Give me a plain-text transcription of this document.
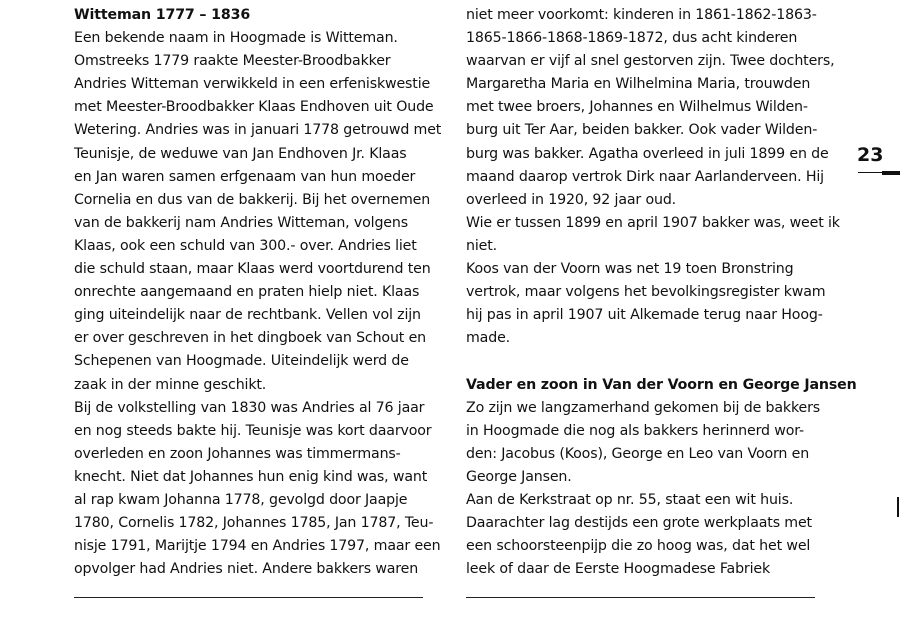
Witteman 1777 – 1836
Een bekende naam in Hoogmade is Witteman.
Omstreeks 1779 raakte Meester-Broodbakker
Andries Witteman verwikkeld in een erfeniskwestie
met Meester-Broodbakker Klaas Endhoven uit Oude
Wetering. Andries was in januari 1778 getrouwd met
Teunisje, de weduwe van Jan Endhoven Jr. Klaas
en Jan waren samen erfgenaam van hun moeder
Cornelia en dus van de bakkerij. Bij het overnemen
van de bakkerij nam Andries Witteman, volgens
Klaas, ook een schuld van 300.- over. Andries liet
die schuld staan, maar Klaas werd voortdurend ten
onrechte aangemaand en praten hielp niet. Klaas
ging uiteindelijk naar de rechtbank. Vellen vol zijn
er over geschreven in het dingboek van Schout en
Schepenen van Hoogmade. Uiteindelijk werd de
zaak in der minne geschikt.
Bij de volkstelling van 1830 was Andries al 76 jaar
en nog steeds bakte hij. Teunisje was kort daarvoor
overleden en zoon Johannes was timmermans-
knecht. Niet dat Johannes hun enig kind was, want
al rap kwam Johanna 1778, gevolgd door Jaapje
1780, Cornelis 1782, Johannes 1785, Jan 1787, Teu-
nisje 1791, Marijtje 1794 en Andries 1797, maar een
opvolger had Andries niet. Andere bakkers waren
niet meer voorkomt: kinderen in 1861-1862-1863-
1865-1866-1868-1869-1872, dus acht kinderen
waarvan er vijf al snel gestorven zijn. Twee dochters,
Margaretha Maria en Wilhelmina Maria, trouwden
met twee broers, Johannes en Wilhelmus Wilden-
burg uit Ter Aar, beiden bakker. Ook vader Wilden-
burg was bakker. Agatha overleed in juli 1899 en de
maand daarop vertrok Dirk naar Aarlanderveen. Hij
overleed in 1920, 92 jaar oud.
Wie er tussen 1899 en april 1907 bakker was, weet ik
niet.
Koos van der Voorn was net 19 toen Bronstring
vertrok, maar volgens het bevolkingsregister kwam
hij pas in april 1907 uit Alkemade terug naar Hoog-
made.
Vader en zoon in Van der Voorn en George Jansen
Zo zijn we langzamerhand gekomen bij de bakkers
in Hoogmade die nog als bakkers herinnerd wor-
den: Jacobus (Koos), George en Leo van Voorn en
George Jansen.
Aan de Kerkstraat op nr. 55, staat een wit huis.
Daarachter lag destijds een grote werkplaats met
een schoorsteenpijp die zo hoog was, dat het wel
leek of daar de Eerste Hoogmadese Fabriek
23
